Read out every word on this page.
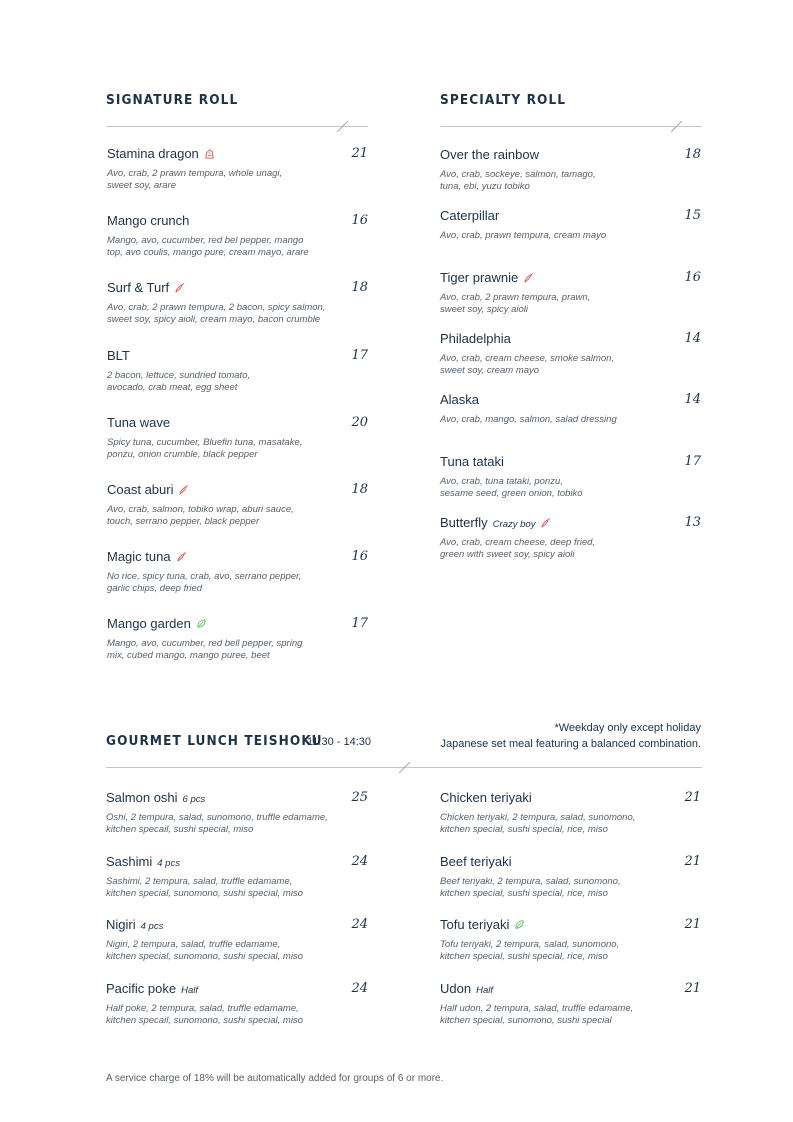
SIGNATURE ROLL	SPECIALTY ROLL
Stamina dragon	21
Avo, crab, 2 prawn tempura, whole unagi,
sweet soy, arare
Mango crunch	16
Mango, avo, cucumber, red bel pepper, mango
top, avo coulis, mango pure, cream mayo, arare
Surf & Turf	18
Avo, crab, 2 prawn tempura, 2 bacon, spicy salmon,
sweet soy, spicy aioli, cream mayo, bacon crumble
BLT	17
2 bacon, lettuce, sundried tomato,
avocado, crab meat, egg sheet
Tuna wave	20
Spicy tuna, cucumber, Bluefin tuna, masatake,
ponzu, onion crumble, black pepper
Coast aburi	18
Avo, crab, salmon, tobiko wrap, aburi sauce,
touch, serrano pepper, black pepper
Magic tuna	16
No rice, spicy tuna, crab, avo, serrano pepper,
garlic chips, deep fried
Mango garden	17
Mango, avo, cucumber, red bell pepper, spring
mix, cubed mango, mango puree, beet
Over the rainbow	18
Avo, crab, sockeye, salmon, tamago,
tuna, ebi, yuzu tobiko
Caterpillar	15
Avo, crab, prawn tempura, cream mayo
Tiger prawnie	16
Avo, crab, 2 prawn tempura, prawn,
sweet soy, spicy aioli
Philadelphia	14
Avo, crab, cream cheese, smoke salmon,
sweet soy, cream mayo
Alaska	14
Avo, crab, mango, salmon, salad dressing
Tuna tataki	17
Avo, crab, tuna tataki, ponzu,
sesame seed, green onion, tobiko
Butterfly Crazy boy	13
Avo, crab, cream cheese, deep fried,
green with sweet soy, spicy aioli
GOURMET LUNCH TEISHOKU
11:30 - 14:30
*Weekday only except holiday
Japanese set meal featuring a balanced combination.
Salmon oshi 6 pcs	25
Oshi, 2 tempura, salad, sunomono, truffle edamame,
kitchen specail, sushi special, miso
Sashimi 4 pcs	24
Sashimi, 2 tempura, salad, truffle edamame,
kitchen special, sunomono, sushi special, miso
Nigiri 4 pcs	24
Nigiri, 2 tempura, salad, truffle edamame,
kitchen special, sunomono, sushi special, miso
Pacific poke Half	24
Half poke, 2 tempura, salad, truffle edamame,
kitchen specail, sunomono, sushi special, miso
Chicken teriyaki	21
Chicken teriyaki, 2 tempura, salad, sunomono,
kitchen special, sushi special, rice, miso
Beef teriyaki	21
Beef teriyaki, 2 tempura, salad, sunomono,
kitchen special, sushi special, rice, miso
Tofu teriyaki	21
Tofu teriyaki, 2 tempura, salad, sunomono,
kitchen special, sushi special, rice, miso
Udon Half	21
Half udon, 2 tempura, salad, truffle edamame,
kitchen special, sunomono, sushi special
A service charge of 18% will be automatically added for groups of 6 or more.
